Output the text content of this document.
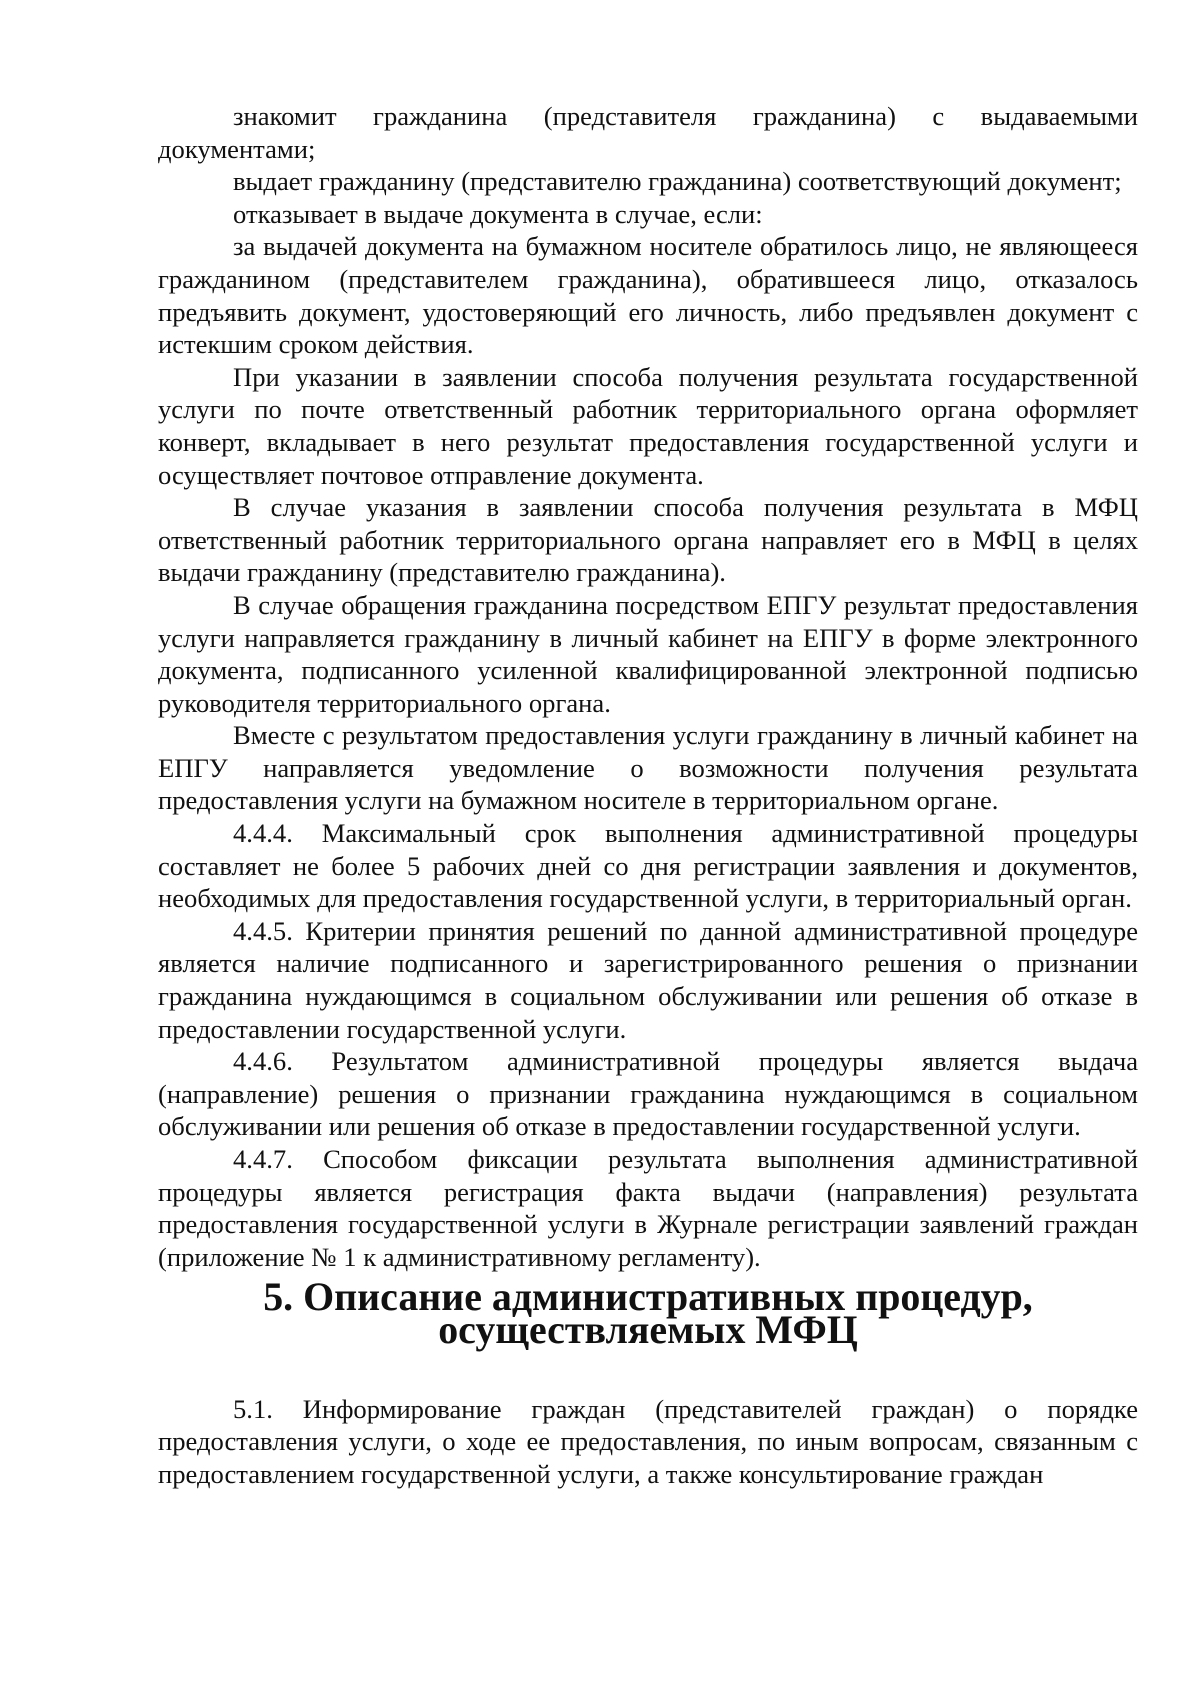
знакомит гражданина (представителя гражданина) с выдаваемыми документами;

выдает гражданину (представителю гражданина) соответствующий документ;

отказывает в выдаче документа в случае, если:

за выдачей документа на бумажном носителе обратилось лицо, не являющееся гражданином (представителем гражданина), обратившееся лицо, отказалось предъявить документ, удостоверяющий его личность, либо предъявлен документ с истекшим сроком действия.

При указании в заявлении способа получения результата государственной услуги по почте ответственный работник территориального органа оформляет конверт, вкладывает в него результат предоставления государственной услуги и осуществляет почтовое отправление документа.

В случае указания в заявлении способа получения результата в МФЦ ответственный работник территориального органа направляет его в МФЦ в целях выдачи гражданину (представителю гражданина).

В случае обращения гражданина посредством ЕПГУ результат предоставления услуги направляется гражданину в личный кабинет на ЕПГУ в форме электронного документа, подписанного усиленной квалифицированной электронной подписью руководителя территориального органа.

Вместе с результатом предоставления услуги гражданину в личный кабинет на ЕПГУ направляется уведомление о возможности получения результата предоставления услуги на бумажном носителе в территориальном органе.

4.4.4. Максимальный срок выполнения административной процедуры составляет не более 5 рабочих дней со дня регистрации заявления и документов, необходимых для предоставления государственной услуги, в территориальный орган.

4.4.5. Критерии принятия решений по данной административной процедуре является наличие подписанного и зарегистрированного решения о признании гражданина нуждающимся в социальном обслуживании или решения об отказе в предоставлении государственной услуги.

4.4.6. Результатом административной процедуры является выдача (направление) решения о признании гражданина нуждающимся в социальном обслуживании или решения об отказе в предоставлении государственной услуги.

4.4.7. Способом фиксации результата выполнения административной процедуры является регистрация факта выдачи (направления) результата предоставления государственной услуги в Журнале регистрации заявлений граждан (приложение № 1 к административному регламенту).

5. Описание административных процедур, осуществляемых МФЦ

5.1. Информирование граждан (представителей граждан) о порядке предоставления услуги, о ходе ее предоставления, по иным вопросам, связанным с предоставлением государственной услуги, а также консультирование граждан
